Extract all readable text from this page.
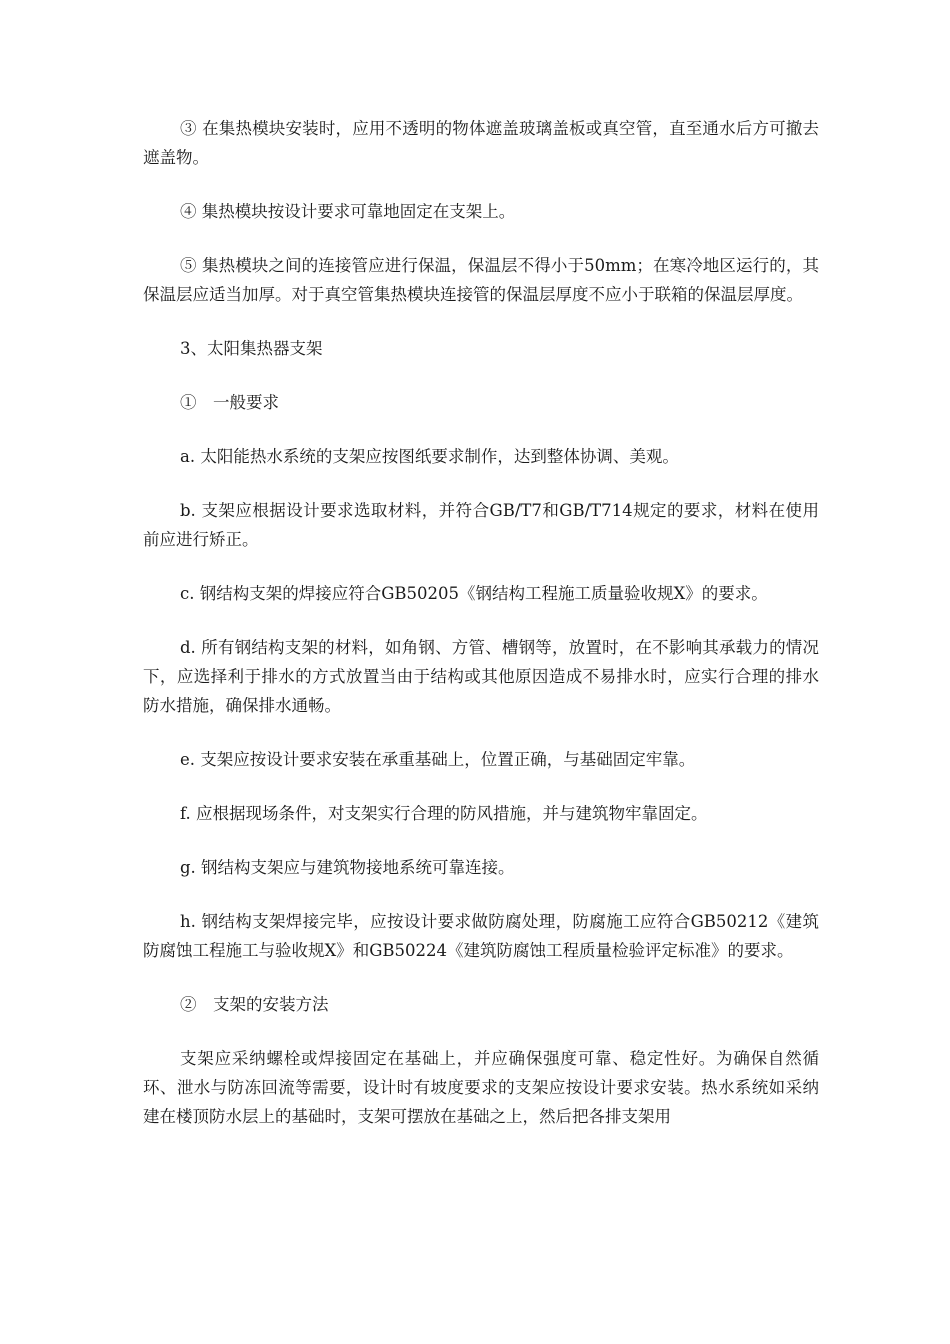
③ 在集热模块安装时，应用不透明的物体遮盖玻璃盖板或真空管，直至通水后方可撤去遮盖物。

④ 集热模块按设计要求可靠地固定在支架上。

⑤ 集热模块之间的连接管应进行保温，保温层不得小于50mm；在寒冷地区运行的，其保温层应适当加厚。对于真空管集热模块连接管的保温层厚度不应小于联箱的保温层厚度。

3、太阳集热器支架

①　一般要求

a. 太阳能热水系统的支架应按图纸要求制作，达到整体协调、美观。

b. 支架应根据设计要求选取材料，并符合GB/T7和GB/T714规定的要求，材料在使用前应进行矫正。

c. 钢结构支架的焊接应符合GB50205《钢结构工程施工质量验收规X》的要求。

d. 所有钢结构支架的材料，如角钢、方管、槽钢等，放置时，在不影响其承载力的情况下，应选择利于排水的方式放置当由于结构或其他原因造成不易排水时，应实行合理的排水防水措施，确保排水通畅。

e. 支架应按设计要求安装在承重基础上，位置正确，与基础固定牢靠。

f. 应根据现场条件，对支架实行合理的防风措施，并与建筑物牢靠固定。

g. 钢结构支架应与建筑物接地系统可靠连接。

h. 钢结构支架焊接完毕，应按设计要求做防腐处理，防腐施工应符合GB50212《建筑防腐蚀工程施工与验收规X》和GB50224《建筑防腐蚀工程质量检验评定标准》的要求。

②　支架的安装方法

支架应采纳螺栓或焊接固定在基础上，并应确保强度可靠、稳定性好。为确保自然循环、泄水与防冻回流等需要，设计时有坡度要求的支架应按设计要求安装。热水系统如采纳建在楼顶防水层上的基础时，支架可摆放在基础之上，然后把各排支架用
